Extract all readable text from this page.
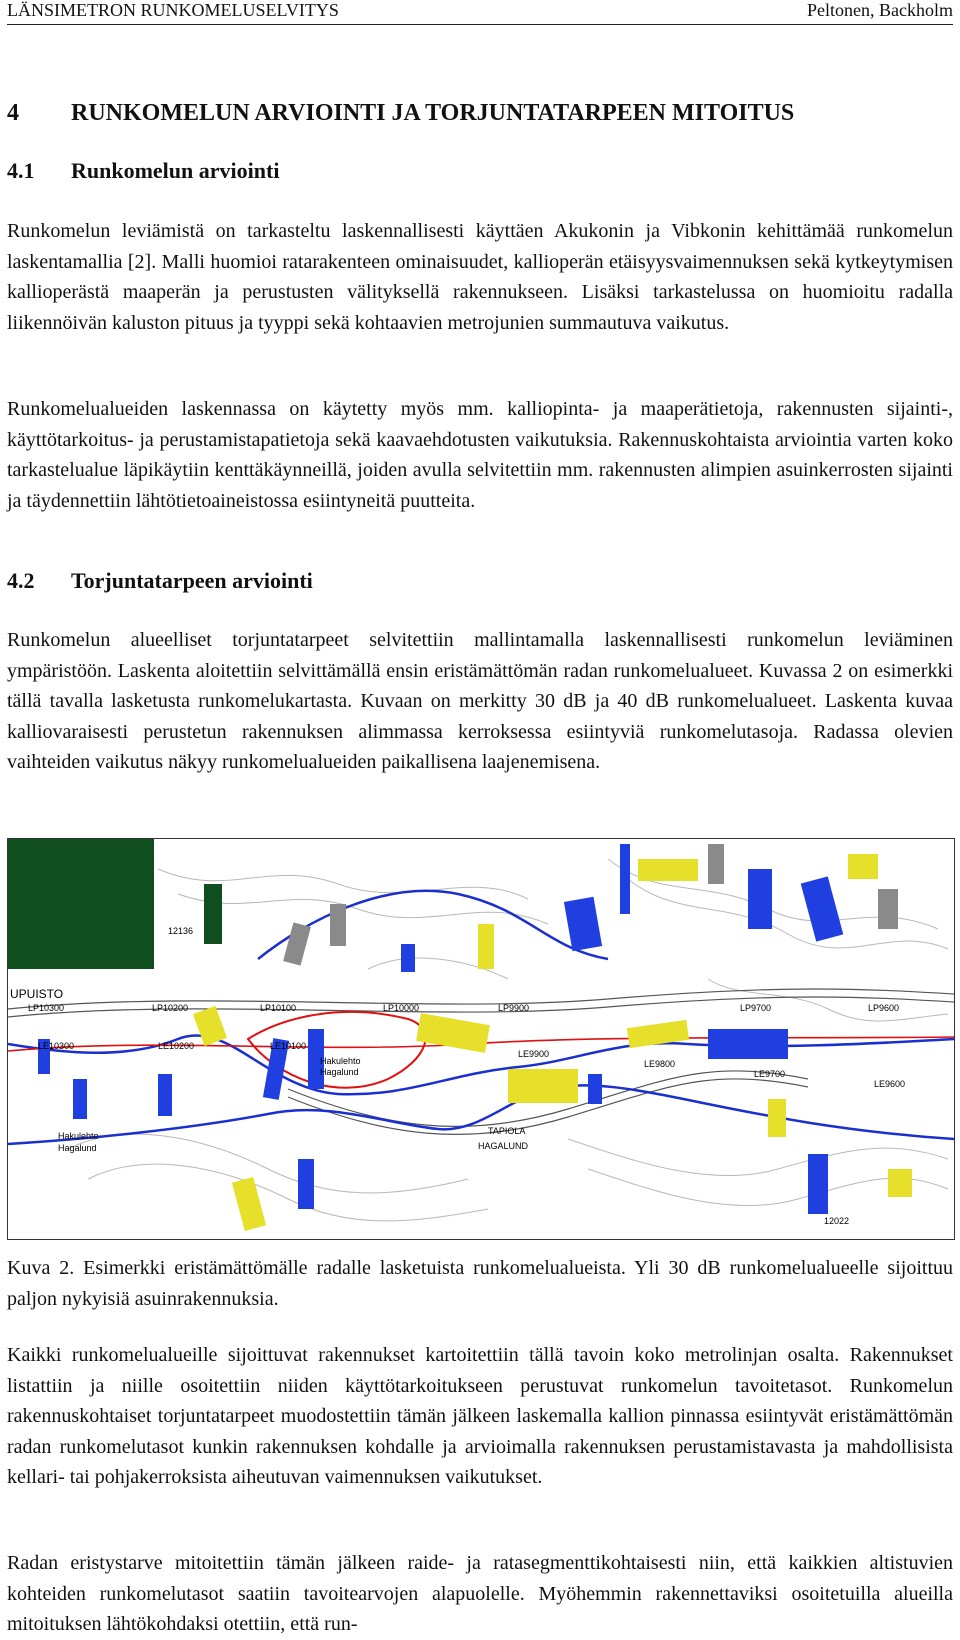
LÄNSIMETRON RUNKOMELUSELVITYS	Peltonen, Backholm
4 RUNKOMELUN ARVIOINTI JA TORJUNTATARPEEN MITOITUS
4.1 Runkomelun arviointi

Runkomelun leviämistä on tarkasteltu laskennallisesti käyttäen Akukonin ja Vibkonin kehittämää runkomelun laskentamallia [2]. Malli huomioi ratarakenteen ominaisuudet, kallioperän etäisyysvaimennuksen sekä kytkeytymisen kallioperästä maaperän ja perustusten välityksellä rakennukseen. Lisäksi tarkastelussa on huomioitu radalla liikennöivän kaluston pituus ja tyyppi sekä kohtaavien metrojunien summautuva vaikutus.

Runkomelualueiden laskennassa on käytetty myös mm. kalliopinta- ja maaperätietoja, rakennusten sijainti-, käyttötarkoitus- ja perustamistapatietoja sekä kaavaehdotusten vaikutuksia. Rakennuskohtaista arviointia varten koko tarkastelualue läpikäytiin kenttäkäynneillä, joiden avulla selvitettiin mm. rakennusten alimpien asuinkerrosten sijainti ja täydennettiin lähtötietoaineistossa esiintyneitä puutteita.

4.2 Torjuntatarpeen arviointi

Runkomelun alueelliset torjuntatarpeet selvitettiin mallintamalla laskennallisesti runkomelun leviäminen ympäristöön. Laskenta aloitettiin selvittämällä ensin eristämättömän radan runkomelualueet. Kuvassa 2 on esimerkki tällä tavalla lasketusta runkomelukartasta. Kuvaan on merkitty 30 dB ja 40 dB runkomelualueet. Laskenta kuvaa kalliovaraisesti perustetun rakennuksen alimmassa kerroksessa esiintyviä runkomelutasoja. Radassa olevien vaihteiden vaikutus näkyy runkomelualueiden paikallisena laajenemisena.

UPUISTO
LP10300	LP10200	LP10100	LP10000	LP9900	LP9700	LP9600
LE10300	LE10200	LE10100
LE9900
LE9800
LE9700
LE9600
Hakulehto
Hagalund
Hakulehto
Hagalund
TAPIOLA
HAGALUND
12136
12022

Kuva 2. Esimerkki eristämättömälle radalle lasketuista runkomelualueista. Yli 30 dB runkomelualueelle sijoittuu paljon nykyisiä asuinrakennuksia.

Kaikki runkomelualueille sijoittuvat rakennukset kartoitettiin tällä tavoin koko metrolinjan osalta. Rakennukset listattiin ja niille osoitettiin niiden käyttötarkoitukseen perustuvat runkomelun tavoitetasot. Runkomelun rakennuskohtaiset torjuntatarpeet muodostettiin tämän jälkeen laskemalla kallion pinnassa esiintyvät eristämättömän radan runkomelutasot kunkin rakennuksen kohdalle ja arvioimalla rakennuksen perustamistavasta ja mahdollisista kellari- tai pohjakerroksista aiheutuvan vaimennuksen vaikutukset.

Radan eristystarve mitoitettiin tämän jälkeen raide- ja ratasegmenttikohtaisesti niin, että kaikkien altistuvien kohteiden runkomelutasot saatiin tavoitearvojen alapuolelle. Myöhemmin rakennettaviksi osoitetuilla alueilla mitoituksen lähtökohdaksi otettiin, että run-
